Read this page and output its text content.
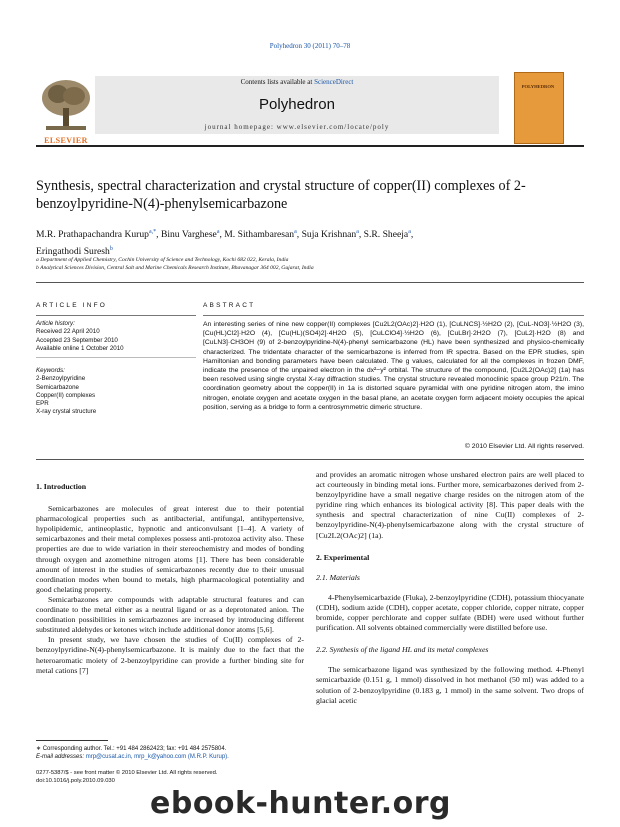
Polyhedron 30 (2011) 70–78
ELSEVIER
Contents lists available at ScienceDirect
Polyhedron
journal homepage: www.elsevier.com/locate/poly
POLYHEDRON
Synthesis, spectral characterization and crystal structure of copper(II) complexes of 2-benzoylpyridine-N(4)-phenylsemicarbazone
M.R. Prathapachandra Kurup$^{a,*}$, Binu Varghese$^a$, M. Sithambaresan$^a$, Suja Krishnan$^a$, S.R. Sheeja$^a$,
Eringathodi Suresh$^b$
a Department of Applied Chemistry, Cochin University of Science and Technology, Kochi 682 022, Kerala, India
b Analytical Sciences Division, Central Salt and Marine Chemicals Research Institute, Bhavanagar 364 002, Gujarat, India
ARTICLE INFO
Article history:
Received 22 April 2010
Accepted 23 September 2010
Available online 1 October 2010
Keywords:
2-Benzoylpyridine
Semicarbazone
Copper(II) complexes
EPR
X-ray crystal structure
ABSTRACT
An interesting series of nine new copper(II) complexes [Cu2L2(OAc)2]·H2O (1), [CuLNCS]·½H2O (2), [CuL-NO3]·½H2O (3), [Cu(HL)Cl2]·H2O (4), [Cu(HL)(SO4)2]·4H2O (5), [CuLClO4]·½H2O (6), [CuLBr]·2H2O (7), [CuL2]·H2O (8) and [CuLN3]·CH3OH (9) of 2-benzoylpyridine-N(4)-phenyl semicarbazone (HL) have been synthesized and physico-chemically characterized. The tridentate character of the semicarbazone is inferred from IR spectra. Based on the EPR studies, spin Hamiltonian and bonding parameters have been calculated. The g values, calculated for all the complexes in frozen DMF, indicate the presence of the unpaired electron in the dx²−y² orbital. The structure of the compound, [Cu2L2(OAc)2] (1a) has been resolved using single crystal X-ray diffraction studies. The crystal structure revealed monoclinic space group P21/n. The coordination geometry about the copper(II) in 1a is distorted square pyramidal with one pyridine nitrogen atom, the imino nitrogen, enolate oxygen and acetate oxygen in the basal plane, an acetate oxygen form adjacent moiety occupies the apical position, serving as a bridge to form a centrosymmetric dimeric structure.
© 2010 Elsevier Ltd. All rights reserved.
1. Introduction

Semicarbazones are molecules of great interest due to their potential pharmacological properties such as antibacterial, antifungal, antihypertensive, hypolipidemic, antineoplastic, hypnotic and anticonvulsant [1–4]. A variety of semicarbazones and their metal complexes possess anti-protozoa activity also. These properties are due to wide variation in their stereochemistry and modes of bonding through oxygen and azomethine nitrogen atoms [1]. There has been considerable amount of interest in the studies of semicarbazones recently due to their unusual coordination modes when bound to metals, high pharmacological potentiality and good chelating property.

Semicarbazones are compounds with adaptable structural features and can coordinate to the metal either as a neutral ligand or as a deprotonated anion. The coordination possibilities in semicarbazones are increased by introducing different substituted aldehydes or ketones witch include additional donor atoms [5,6].

In present study, we have chosen the studies of Cu(II) complexes of 2-benzoylpyridine-N(4)-phenylsemicarbazone. It is mainly due to the fact that the heteroaromatic moiety of 2-benzoylpyridine can provide a further binding site for metal cations [7]

and provides an aromatic nitrogen whose unshared electron pairs are well placed to act courteously in binding metal ions. Further more, semicarbazones derived from 2-benzoylpyridine have a small negative charge resides on the nitrogen atom of the pyridine ring which enhances its biological activity [8]. This paper deals with the synthesis and spectral characterization of nine Cu(II) complexes of 2-benzoylpyridine-N(4)-phenylsemicarbazone along with the crystal structure of [Cu2L2(OAc)2] (1a).

2. Experimental
2.1. Materials

4-Phenylsemicarbazide (Fluka), 2-benzoylpyridine (CDH), potassium thiocyanate (CDH), sodium azide (CDH), copper acetate, copper chloride, copper nitrate, copper bromide, copper perchlorate and copper sulfate (BDH) were used without further purification. All solvents obtained commercially were distilled before use.

2.2. Synthesis of the ligand HL and its metal complexes

The semicarbazone ligand was synthesized by the following method. 4-Phenyl semicarbazide (0.151 g, 1 mmol) dissolved in hot methanol (50 ml) was added to a solution of 2-benzoylpyridine (0.183 g, 1 mmol) in the same solvent. Two drops of glacial acetic

∗ Corresponding author. Tel.: +91 484 2862423; fax: +91 484 2575804.
E-mail addresses: mrp@cusat.ac.in, mrp_k@yahoo.com (M.R.P. Kurup).
0277-5387/$ - see front matter © 2010 Elsevier Ltd. All rights reserved.
doi:10.1016/j.poly.2010.09.030
ebook-hunter.org
